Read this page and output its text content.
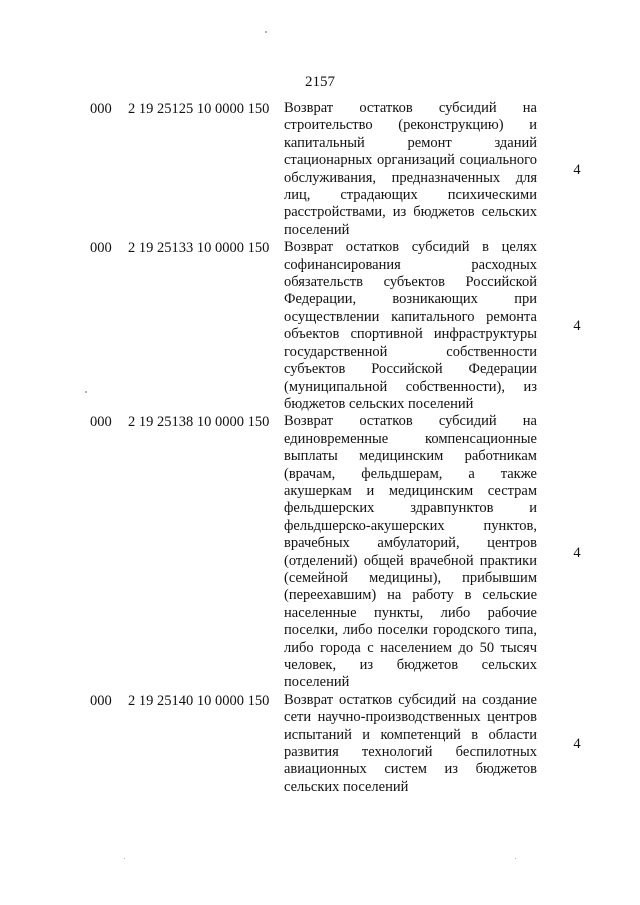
2157
000 2 19 25125 10 0000 150 Возврат остатков субсидий на строительство (реконструкцию) и капитальный ремонт зданий стационарных организаций социального обслуживания, предназначенных для лиц, страдающих психическими расстройствами, из бюджетов сельских поселений
4
000 2 19 25133 10 0000 150 Возврат остатков субсидий в целях софинансирования расходных обязательств субъектов Российской Федерации, возникающих при осуществлении капитального ремонта объектов спортивной инфраструктуры государственной собственности субъектов Российской Федерации (муниципальной собственности), из бюджетов сельских поселений
4
000 2 19 25138 10 0000 150 Возврат остатков субсидий на единовременные компенсационные выплаты медицинским работникам (врачам, фельдшерам, а также акушеркам и медицинским сестрам фельдшерских здравпунктов и фельдшерско-акушерских пунктов, врачебных амбулаторий, центров (отделений) общей врачебной практики (семейной медицины), прибывшим (переехавшим) на работу в сельские населенные пункты, либо рабочие поселки, либо поселки городского типа, либо города с населением до 50 тысяч человек, из бюджетов сельских поселений
4
000 2 19 25140 10 0000 150 Возврат остатков субсидий на создание сети научно-производственных центров испытаний и компетенций в области развития технологий беспилотных авиационных систем из бюджетов сельских поселений
4
